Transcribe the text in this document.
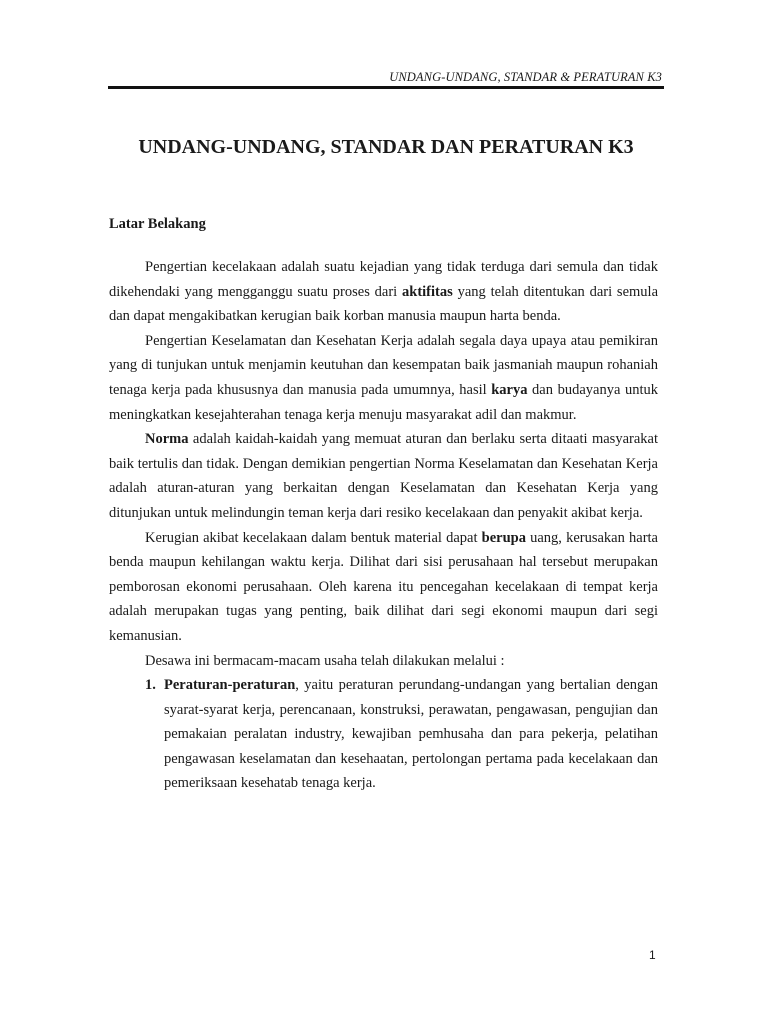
UNDANG-UNDANG, STANDAR & PERATURAN K3
UNDANG-UNDANG, STANDAR DAN PERATURAN K3
Latar Belakang

Pengertian kecelakaan adalah suatu kejadian yang tidak terduga dari semula dan tidak dikehendaki yang mengganggu suatu proses dari aktifitas yang telah ditentukan dari semula dan dapat mengakibatkan kerugian baik korban manusia maupun harta benda.

Pengertian Keselamatan dan Kesehatan Kerja adalah segala daya upaya atau pemikiran yang di tunjukan untuk menjamin keutuhan dan kesempatan baik jasmaniah maupun rohaniah tenaga kerja pada khususnya dan manusia pada umumnya, hasil karya dan budayanya untuk meningkatkan kesejahterahan tenaga kerja menuju masyarakat adil dan makmur.

Norma adalah kaidah-kaidah yang memuat aturan dan berlaku serta ditaati masyarakat baik tertulis dan tidak. Dengan demikian pengertian Norma Keselamatan dan Kesehatan Kerja adalah aturan-aturan yang berkaitan dengan Keselamatan dan Kesehatan Kerja yang ditunjukan untuk melindungin teman kerja dari resiko kecelakaan dan penyakit akibat kerja.

Kerugian akibat kecelakaan dalam bentuk material dapat berupa uang, kerusakan harta benda maupun kehilangan waktu kerja. Dilihat dari sisi perusahaan hal tersebut merupakan pemborosan ekonomi perusahaan. Oleh karena itu pencegahan kecelakaan di tempat kerja adalah merupakan tugas yang penting, baik dilihat dari segi ekonomi maupun dari segi kemanusian.

Desawa ini bermacam-macam usaha telah dilakukan melalui :

1. Peraturan-peraturan, yaitu peraturan perundang-undangan yang bertalian dengan syarat-syarat kerja, perencanaan, konstruksi, perawatan, pengawasan, pengujian dan pemakaian peralatan industry, kewajiban pemhusaha dan para pekerja, pelatihan pengawasan keselamatan dan kesehaatan, pertolongan pertama pada kecelakaan dan pemeriksaan kesehatab tenaga kerja.
1
